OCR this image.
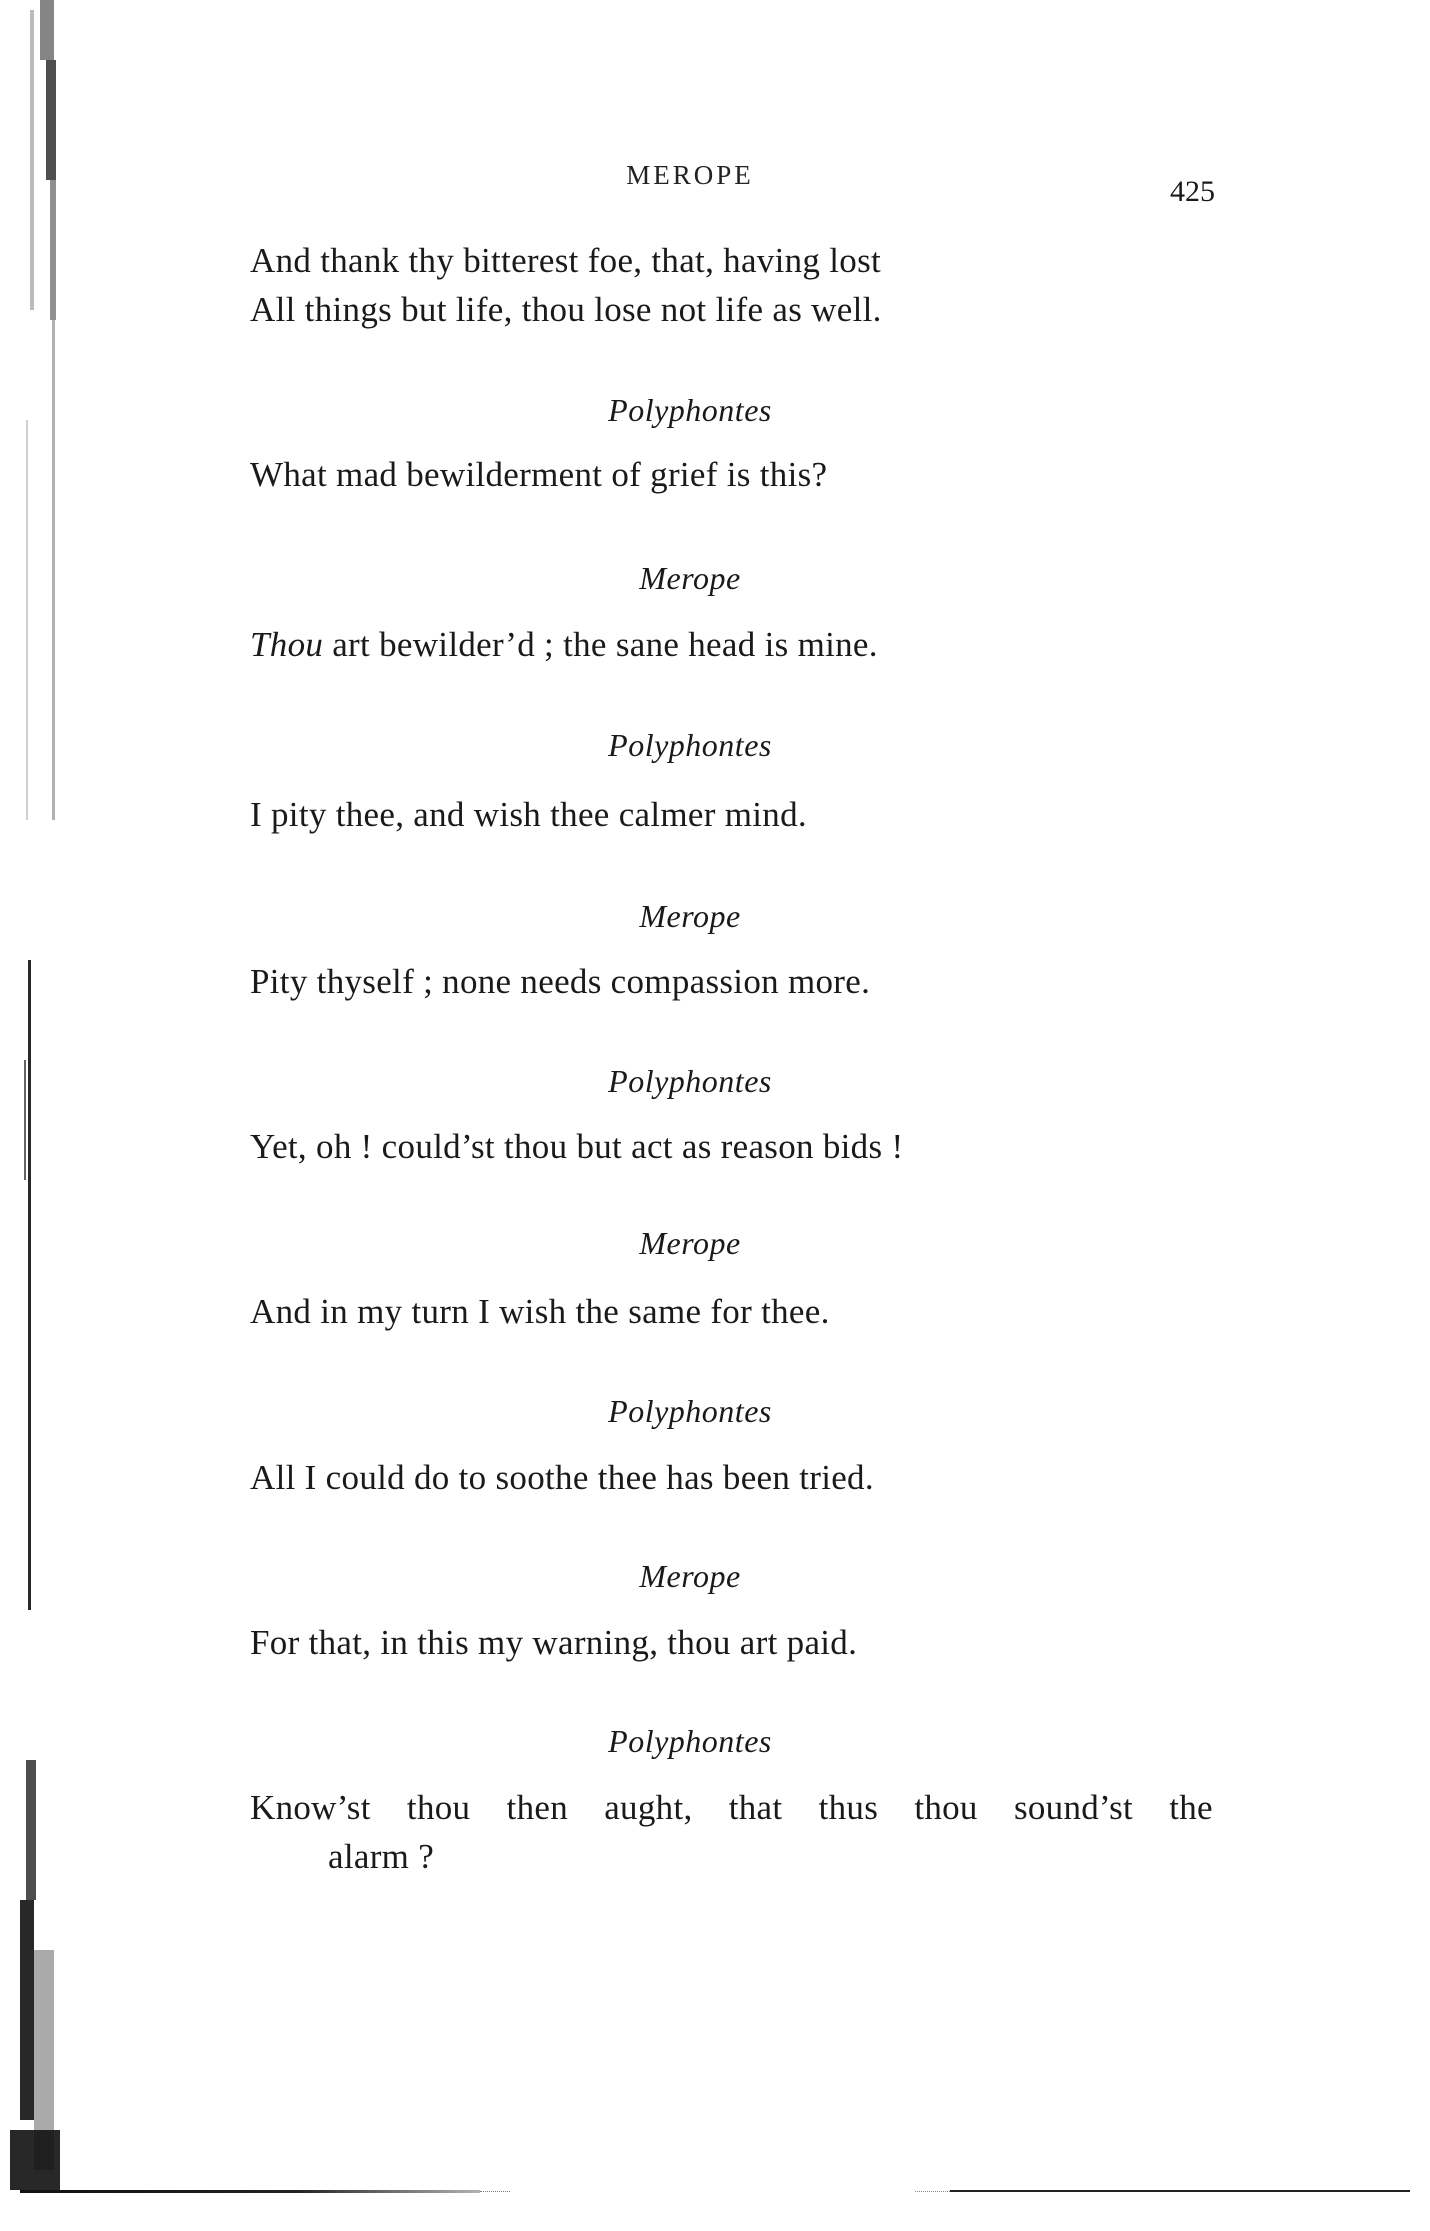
MEROPE	425
And thank thy bitterest foe, that, having lost
All things but life, thou lose not life as well.
Polyphontes
What mad bewilderment of grief is this?
Merope
Thou art bewilder’d ; the sane head is mine.
Polyphontes
I pity thee, and wish thee calmer mind.
Merope
Pity thyself ; none needs compassion more.
Polyphontes
Yet, oh ! could’st thou but act as reason bids !
Merope
And in my turn I wish the same for thee.
Polyphontes
All I could do to soothe thee has been tried.
Merope
For that, in this my warning, thou art paid.
Polyphontes
Know’st thou then aught, that thus thou sound’st the
alarm ?
